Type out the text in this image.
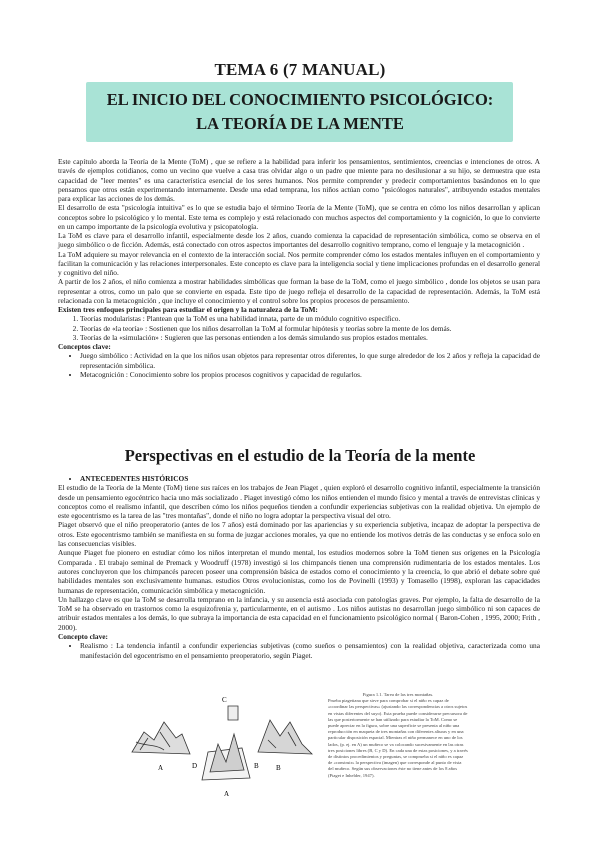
TEMA 6 (7 MANUAL)
EL INICIO DEL CONOCIMIENTO PSICOLÓGICO:
LA TEORÍA DE LA MENTE

Este capítulo aborda la Teoría de la Mente (ToM) , que se refiere a la habilidad para inferir los pensamientos, sentimientos, creencias e intenciones de otros. A través de ejemplos cotidianos, como un vecino que vuelve a casa tras olvidar algo o un padre que miente para no desilusionar a su hijo, se demuestra que esta capacidad de "leer mentes" es una característica esencial de los seres humanos. Nos permite comprender y predecir comportamientos basándonos en lo que pensamos que otros están experimentando internamente. Desde una edad temprana, los niños actúan como "psicólogos naturales", atribuyendo estados mentales para explicar las acciones de los demás.

El desarrollo de esta "psicología intuitiva" es lo que se estudia bajo el término Teoría de la Mente (ToM), que se centra en cómo los niños desarrollan y aplican conceptos sobre lo psicológico y lo mental. Este tema es complejo y está relacionado con muchos aspectos del comportamiento y la cognición, lo que lo convierte en un campo importante de la psicología evolutiva y psicopatología.

La ToM es clave para el desarrollo infantil, especialmente desde los 2 años, cuando comienza la capacidad de representación simbólica, como se observa en el juego simbólico o de ficción. Además, está conectado con otros aspectos importantes del desarrollo cognitivo temprano, como el lenguaje y la metacognición .

La ToM adquiere su mayor relevancia en el contexto de la interacción social. Nos permite comprender cómo los estados mentales influyen en el comportamiento y facilitan la comunicación y las relaciones interpersonales. Este concepto es clave para la inteligencia social y tiene implicaciones profundas en el desarrollo general y cognitivo del niño.

A partir de los 2 años, el niño comienza a mostrar habilidades simbólicas que forman la base de la ToM, como el juego simbólico , donde los objetos se usan para representar a otros, como un palo que se convierte en espada. Este tipo de juego refleja el desarrollo de la capacidad de representación. Además, la ToM está relacionada con la metacognición , que incluye el conocimiento y el control sobre los propios procesos de pensamiento.

Existen tres enfoques principales para estudiar el origen y la naturaleza de la ToM:

1. Teorías modularistas : Plantean que la ToM es una habilidad innata, parte de un módulo cognitivo específico.
2. Teorías de «la teoría» : Sostienen que los niños desarrollan la ToM al formular hipótesis y teorías sobre la mente de los demás.
3. Teorías de la «simulación» : Sugieren que las personas entienden a los demás simulando sus propios estados mentales.

Conceptos clave:

• Juego simbólico : Actividad en la que los niños usan objetos para representar otros diferentes, lo que surge alrededor de los 2 años y refleja la capacidad de representación simbólica.
• Metacognición : Conocimiento sobre los propios procesos cognitivos y capacidad de regularlos.
Perspectivas en el estudio de la Teoría de la mente
• ANTECEDENTES HISTÓRICOS

El estudio de la Teoría de la Mente (ToM) tiene sus raíces en los trabajos de Jean Piaget , quien exploró el desarrollo cognitivo infantil, especialmente la transición desde un pensamiento egocéntrico hacia uno más socializado . Piaget investigó cómo los niños entienden el mundo físico y mental a través de entrevistas clínicas y conceptos como el realismo infantil, que describen cómo los niños pequeños tienden a confundir experiencias subjetivas con la realidad objetiva. Un ejemplo de este egocentrismo es la tarea de las "tres montañas", donde el niño no logra adoptar la perspectiva visual del otro.

Piaget observó que el niño preoperatorio (antes de los 7 años) está dominado por las apariencias y su experiencia subjetiva, incapaz de adoptar la perspectiva de otros. Este egocentrismo también se manifiesta en su forma de juzgar acciones morales, ya que no entiende los motivos detrás de las conductas y se enfoca solo en las consecuencias visibles.

Aunque Piaget fue pionero en estudiar cómo los niños interpretan el mundo mental, los estudios modernos sobre la ToM tienen sus orígenes en la Psicología Comparada . El trabajo seminal de Premack y Woodruff (1978) investigó si los chimpancés tienen una comprensión rudimentaria de los estados mentales. Los autores concluyeron que los chimpancés parecen poseer una comprensión básica de estados como el conocimiento y la creencia, lo que abrió el debate sobre qué habilidades mentales son exclusivamente humanas. estudios Otros evolucionistas, como los de Povinelli (1993) y Tomasello (1998), exploran las capacidades humanas de representación, comunicación simbólica y metacognición.

Un hallazgo clave es que la ToM se desarrolla temprano en la infancia, y su ausencia está asociada con patologías graves. Por ejemplo, la falta de desarrollo de la ToM se ha observado en trastornos como la esquizofrenia y, particularmente, en el autismo . Los niños autistas no desarrollan juego simbólico ni son capaces de atribuir estados mentales a los demás, lo que subraya la importancia de esta capacidad en el funcionamiento psicológico normal ( Baron-Cohen , 1995, 2000; Frith , 2000).

Concepto clave:

• Realismo : La tendencia infantil a confundir experiencias subjetivas (como sueños o pensamientos) con la realidad objetiva, caracterizada como una manifestación del egocentrismo en el pensamiento preoperatorio, según Piaget.
C
D	B
A
A
B
Figura 1.1. Tarea de las tres montañas.
Prueba piagetiana que sirve para comprobar si el niño es capaz de «coordinar las perspectivas» (ajustando las correspondencias a otros sujetos en vistas diferentes del suyo). Esta prueba puede considerarse precursora de las que posteriormente se han utilizado para estudiar la ToM. Como se puede apreciar en la figura, sobre una superficie se presenta al niño una reproducción en maqueta de tres montañas con diferentes alturas y en una particular disposición espacial. Mientras el niño permanece en uno de los lados, (p. ej. en A) un muñeco se va colocando sucesivamente en las otras tres posiciones libres (B, C y D). En cada una de estas posiciones, y a través de distintos procedimientos y preguntas, se comprueba si el niño es capaz de «construir» la perspectiva (imagen) que corresponde al punto de vista del muñeco. Según sus observaciones éste no tiene antes de los 8 años (Piaget e Inhelder, 1947).
